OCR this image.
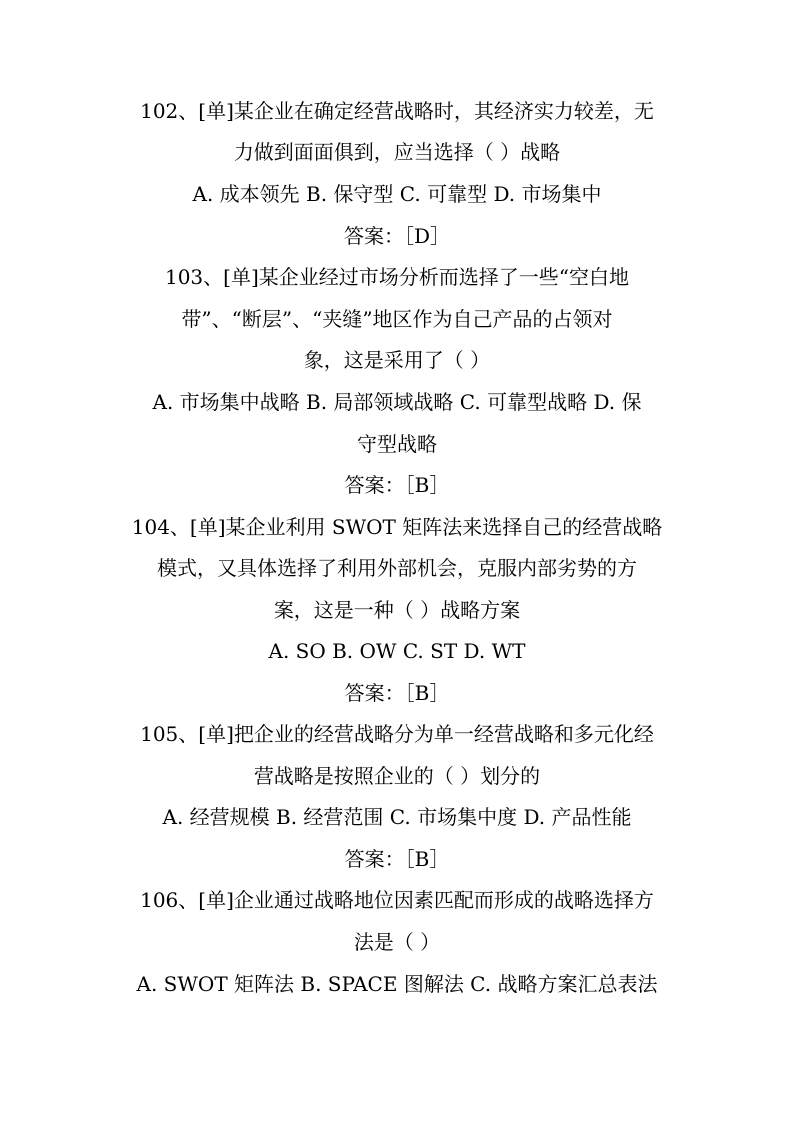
102、[单]某企业在确定经营战略时，其经济实力较差，无
力做到面面俱到，应当选择（ ）战略
A. 成本领先 B. 保守型 C. 可靠型 D. 市场集中
答案：［D］
103、[单]某企业经过市场分析而选择了一些“空白地
带”、“断层”、“夹缝”地区作为自己产品的占领对
象，这是采用了（ ）
A. 市场集中战略 B. 局部领域战略 C. 可靠型战略 D. 保
守型战略
答案：［B］
104、[单]某企业利用 SWOT 矩阵法来选择自己的经营战略
模式，又具体选择了利用外部机会，克服内部劣势的方
案，这是一种（ ）战略方案
A. SO B. OW C. ST D. WT
答案：［B］
105、[单]把企业的经营战略分为单一经营战略和多元化经
营战略是按照企业的（ ）划分的
A. 经营规模 B. 经营范围 C. 市场集中度 D. 产品性能
答案：［B］
106、[单]企业通过战略地位因素匹配而形成的战略选择方
法是（ ）
A. SWOT 矩阵法 B. SPACE 图解法 C. 战略方案汇总表法
